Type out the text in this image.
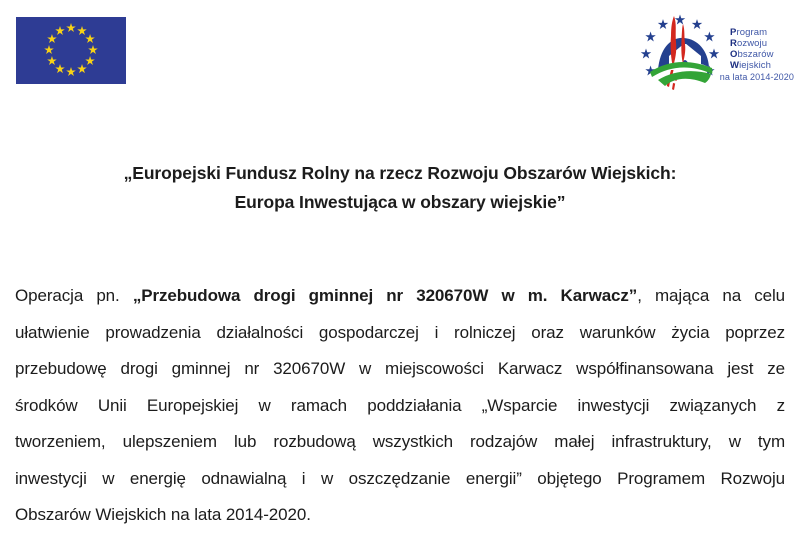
Program
Rozwoju
Obszarów
Wiejskich
na lata 2014-2020
„Europejski Fundusz Rolny na rzecz Rozwoju Obszarów Wiejskich:
Europa Inwestująca w obszary wiejskie”
Operacja pn. „Przebudowa drogi gminnej nr 320670W w m. Karwacz”, mająca na celu
ułatwienie prowadzenia działalności gospodarczej i rolniczej oraz warunków życia poprzez
przebudowę drogi gminnej nr 320670W w miejscowości Karwacz współfinansowana jest ze
środków Unii Europejskiej w ramach poddziałania „Wsparcie inwestycji związanych z
tworzeniem, ulepszeniem lub rozbudową wszystkich rodzajów małej infrastruktury, w tym
inwestycji w energię odnawialną i w oszczędzanie energii” objętego Programem Rozwoju
Obszarów Wiejskich na lata 2014-2020.
